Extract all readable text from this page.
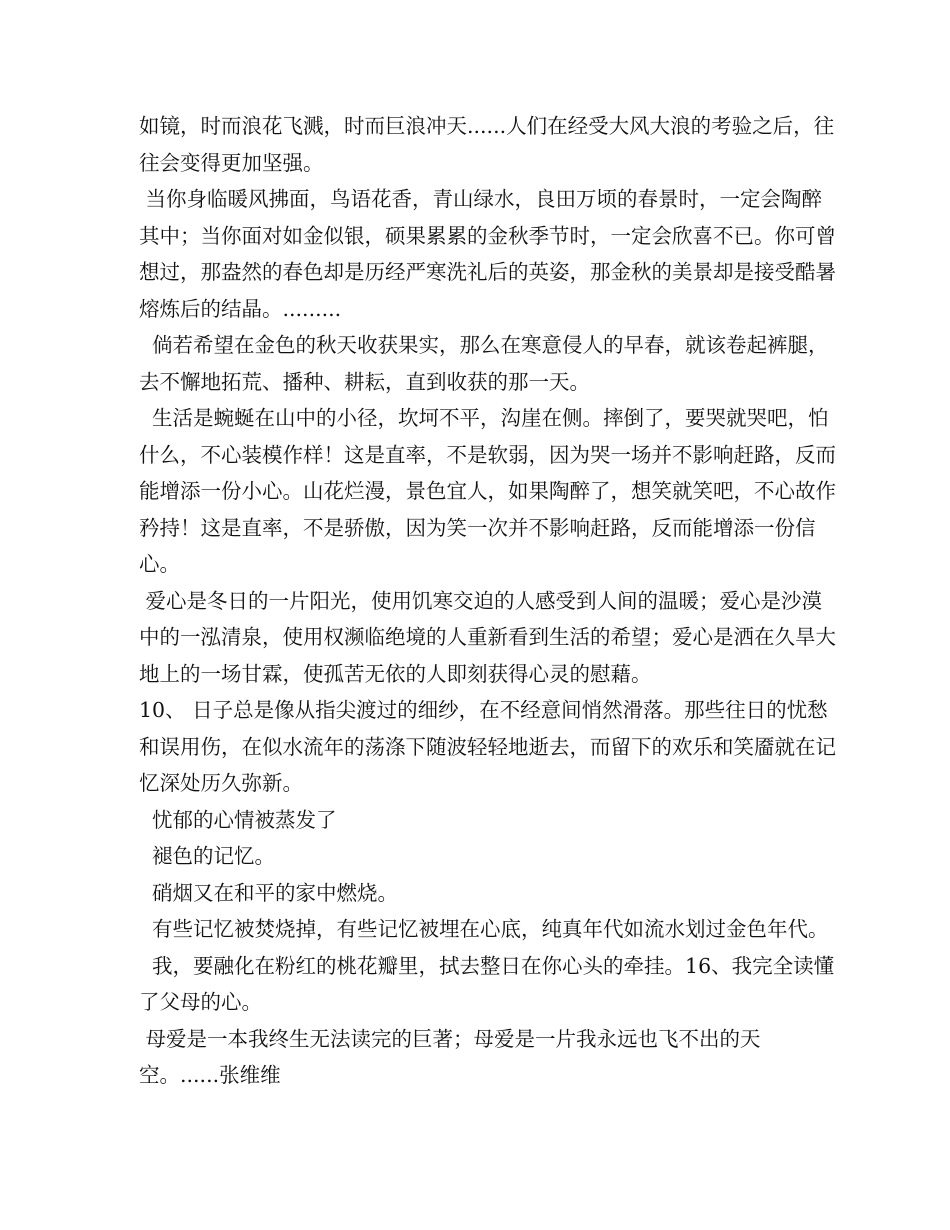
如镜，时而浪花飞溅，时而巨浪冲天......人们在经受大风大浪的考验之后，往往会变得更加坚强。

当你身临暖风拂面，鸟语花香，青山绿水，良田万顷的春景时，一定会陶醉其中；当你面对如金似银，硕果累累的金秋季节时，一定会欣喜不已。你可曾想过，那盎然的春色却是历经严寒洗礼后的英姿，那金秋的美景却是接受酷暑熔炼后的结晶。.........

倘若希望在金色的秋天收获果实，那么在寒意侵人的早春，就该卷起裤腿，去不懈地拓荒、播种、耕耘，直到收获的那一天。

生活是蜿蜒在山中的小径，坎坷不平，沟崖在侧。摔倒了，要哭就哭吧，怕什么，不心装模作样！这是直率，不是软弱，因为哭一场并不影响赶路，反而能增添一份小心。山花烂漫，景色宜人，如果陶醉了，想笑就笑吧，不心故作矜持！这是直率，不是骄傲，因为笑一次并不影响赶路，反而能增添一份信心。

爱心是冬日的一片阳光，使用饥寒交迫的人感受到人间的温暖；爱心是沙漠中的一泓清泉，使用权濒临绝境的人重新看到生活的希望；爱心是洒在久旱大地上的一场甘霖，使孤苦无依的人即刻获得心灵的慰藉。

10、 日子总是像从指尖渡过的细纱，在不经意间悄然滑落。那些往日的忧愁和误用伤，在似水流年的荡涤下随波轻轻地逝去，而留下的欢乐和笑靥就在记忆深处历久弥新。

忧郁的心情被蒸发了

褪色的记忆。

硝烟又在和平的家中燃烧。

有些记忆被焚烧掉，有些记忆被埋在心底，纯真年代如流水划过金色年代。

我，要融化在粉红的桃花瓣里，拭去整日在你心头的牵挂。16、我完全读懂了父母的心。

母爱是一本我终生无法读完的巨著；母爱是一片我永远也飞不出的天空。......张维维
